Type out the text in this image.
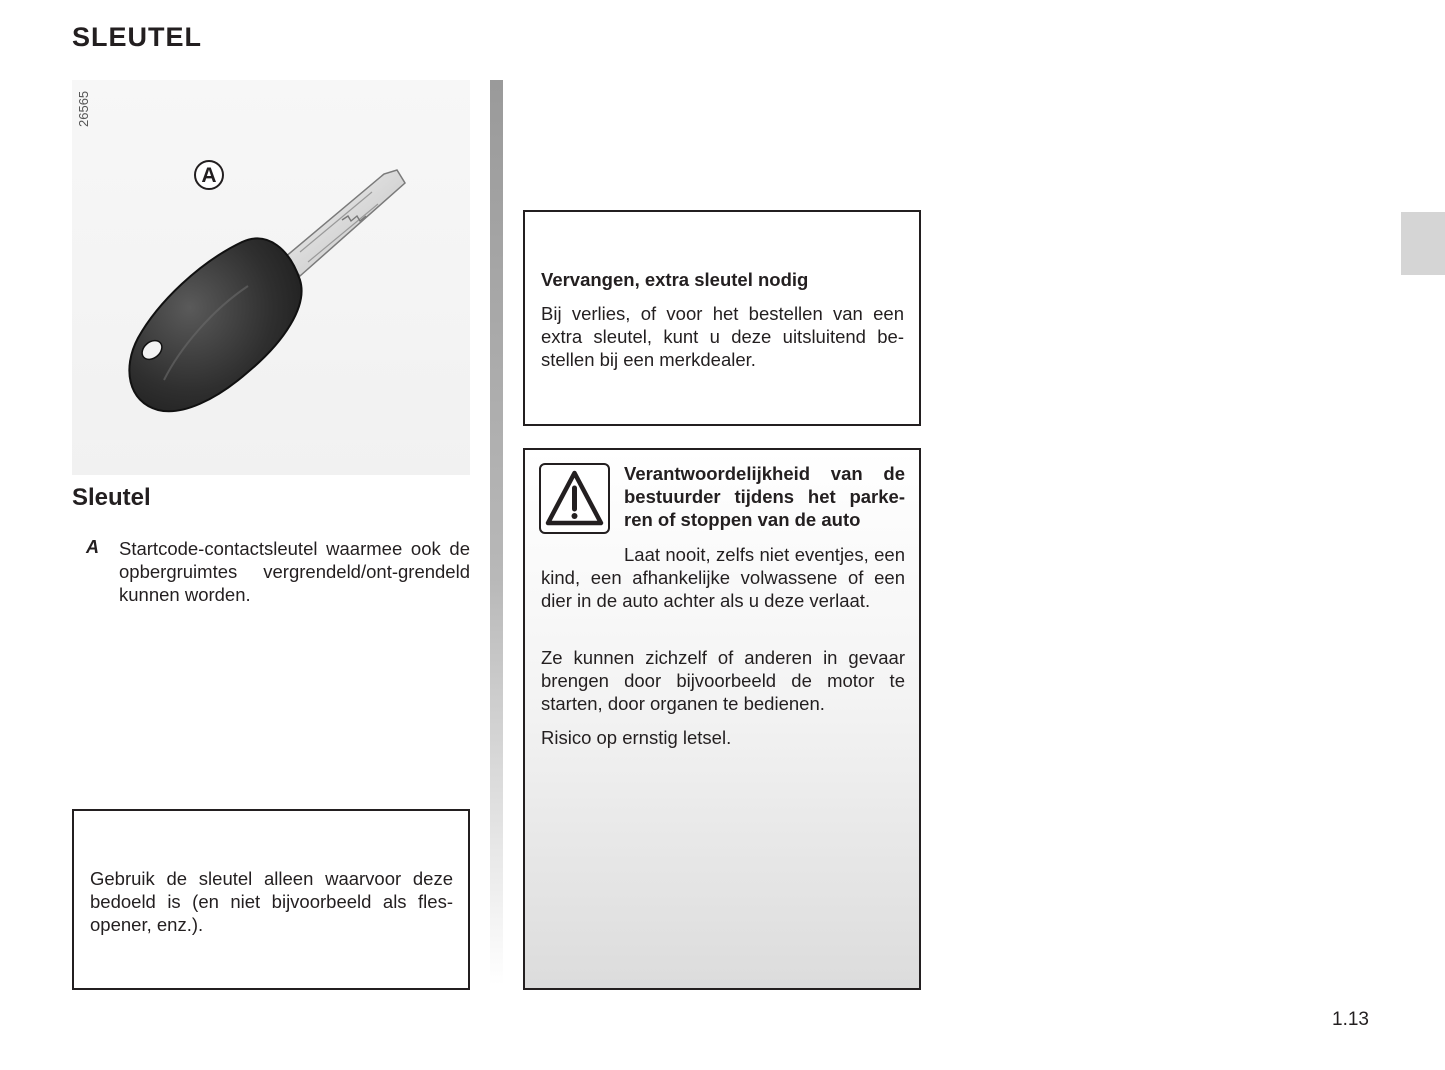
SLEUTEL
26565
A
Sleutel
A Startcode-contactsleutel waarmee ook de opbergruimtes vergrendeld/ont-grendeld kunnen worden.
Gebruik de sleutel alleen waarvoor deze bedoeld is (en niet bijvoorbeeld als fles-opener, enz.).
Vervangen, extra sleutel nodig
Bij verlies, of voor het bestellen van een extra sleutel, kunt u deze uitsluitend be-stellen bij een merkdealer.
Verantwoordelijkheid van de bestuurder tijdens het parke-ren of stoppen van de auto
Laat nooit, zelfs niet eventjes, een kind, een afhankelijke volwassene of een dier in de auto achter als u deze verlaat.
Ze kunnen zichzelf of anderen in gevaar brengen door bijvoorbeeld de motor te starten, door organen te bedienen.
Risico op ernstig letsel.
1.13
